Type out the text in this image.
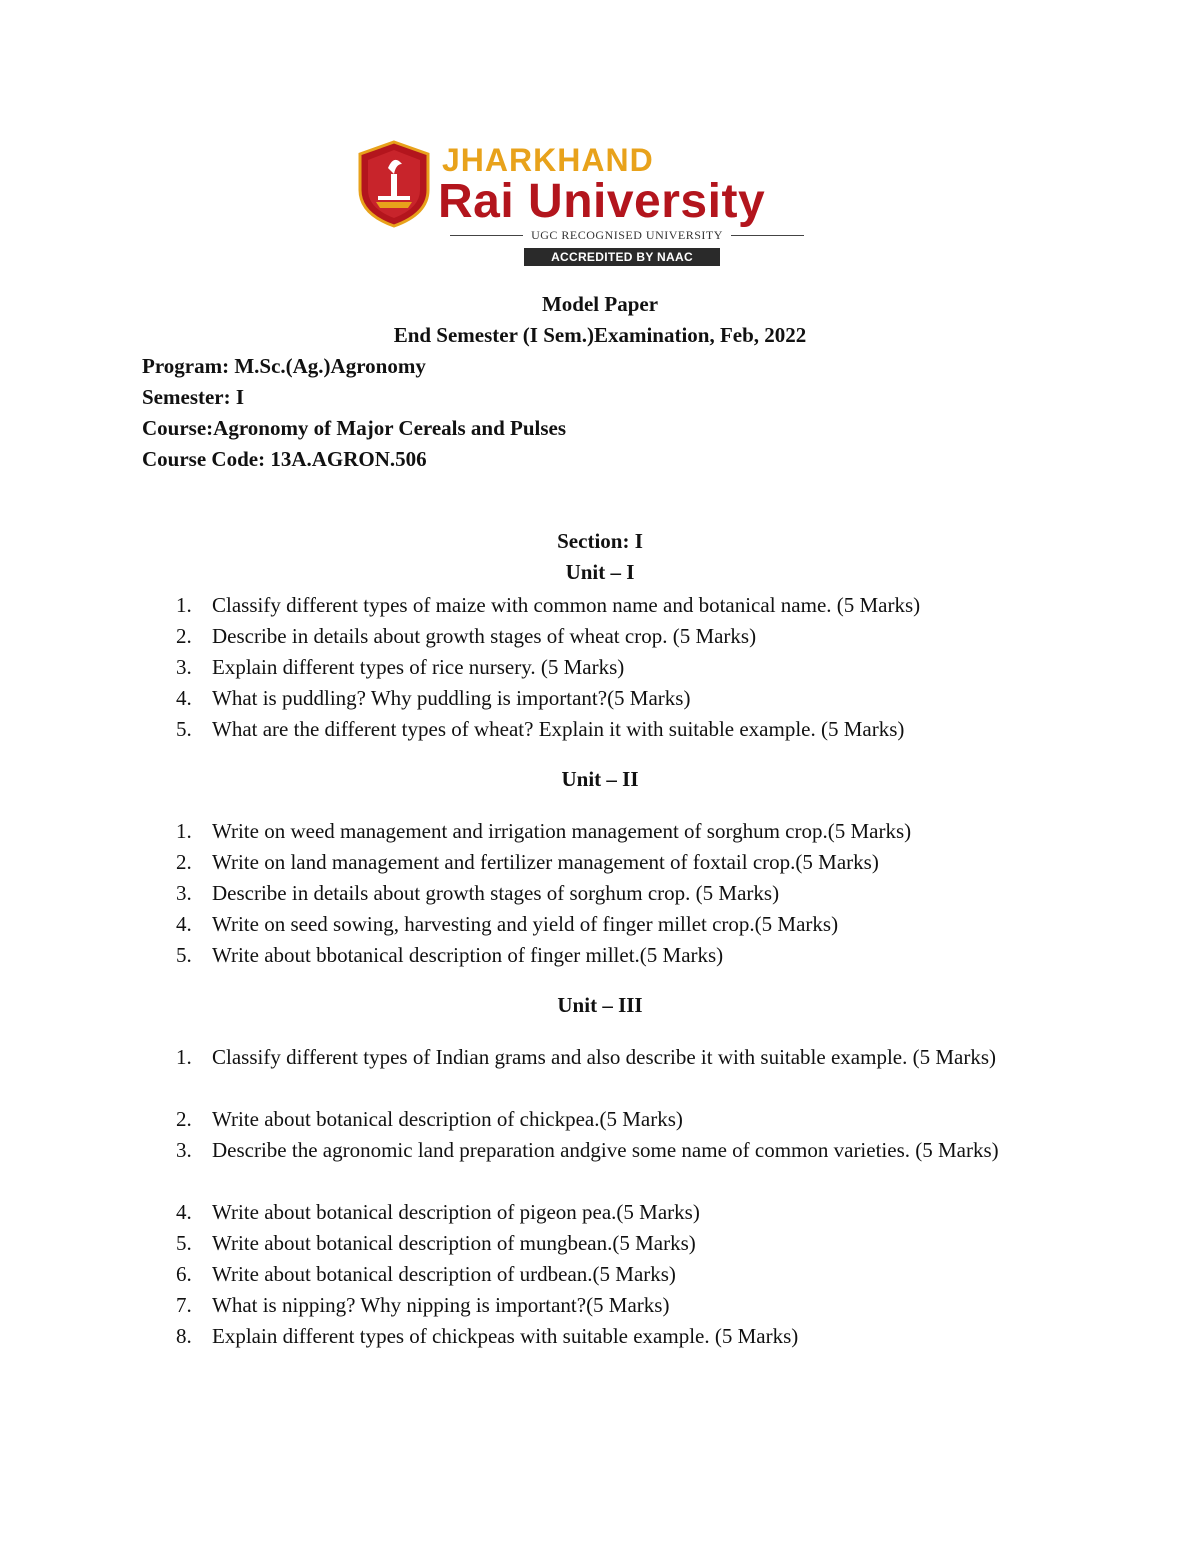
JHARKHAND
Rai University
UGC RECOGNISED UNIVERSITY
ACCREDITED BY NAAC
Model Paper
End Semester (I Sem.)Examination, Feb, 2022
Program: M.Sc.(Ag.)Agronomy
Semester: I
Course:Agronomy of Major Cereals and Pulses
Course Code: 13A.AGRON.506
Section: I
Unit – I
1. Classify different types of maize with common name and botanical name. (5 Marks)
2. Describe in details about growth stages of wheat crop. (5 Marks)
3. Explain different types of rice nursery. (5 Marks)
4. What is puddling? Why puddling is important?(5 Marks)
5. What are the different types of wheat? Explain it with suitable example. (5 Marks)
Unit – II
1. Write on weed management and irrigation management of sorghum crop.(5 Marks)
2. Write on land management and fertilizer management of foxtail crop.(5 Marks)
3. Describe in details about growth stages of sorghum crop. (5 Marks)
4. Write on seed sowing, harvesting and yield of finger millet crop.(5 Marks)
5. Write about bbotanical description of finger millet.(5 Marks)
Unit – III
1. Classify different types of Indian grams and also describe it with suitable example. (5 Marks)
2. Write about botanical description of chickpea.(5 Marks)
3. Describe the agronomic land preparation andgive some name of common varieties. (5 Marks)
4. Write about botanical description of pigeon pea.(5 Marks)
5. Write about botanical description of mungbean.(5 Marks)
6. Write about botanical description of urdbean.(5 Marks)
7. What is nipping? Why nipping is important?(5 Marks)
8. Explain different types of chickpeas with suitable example. (5 Marks)
